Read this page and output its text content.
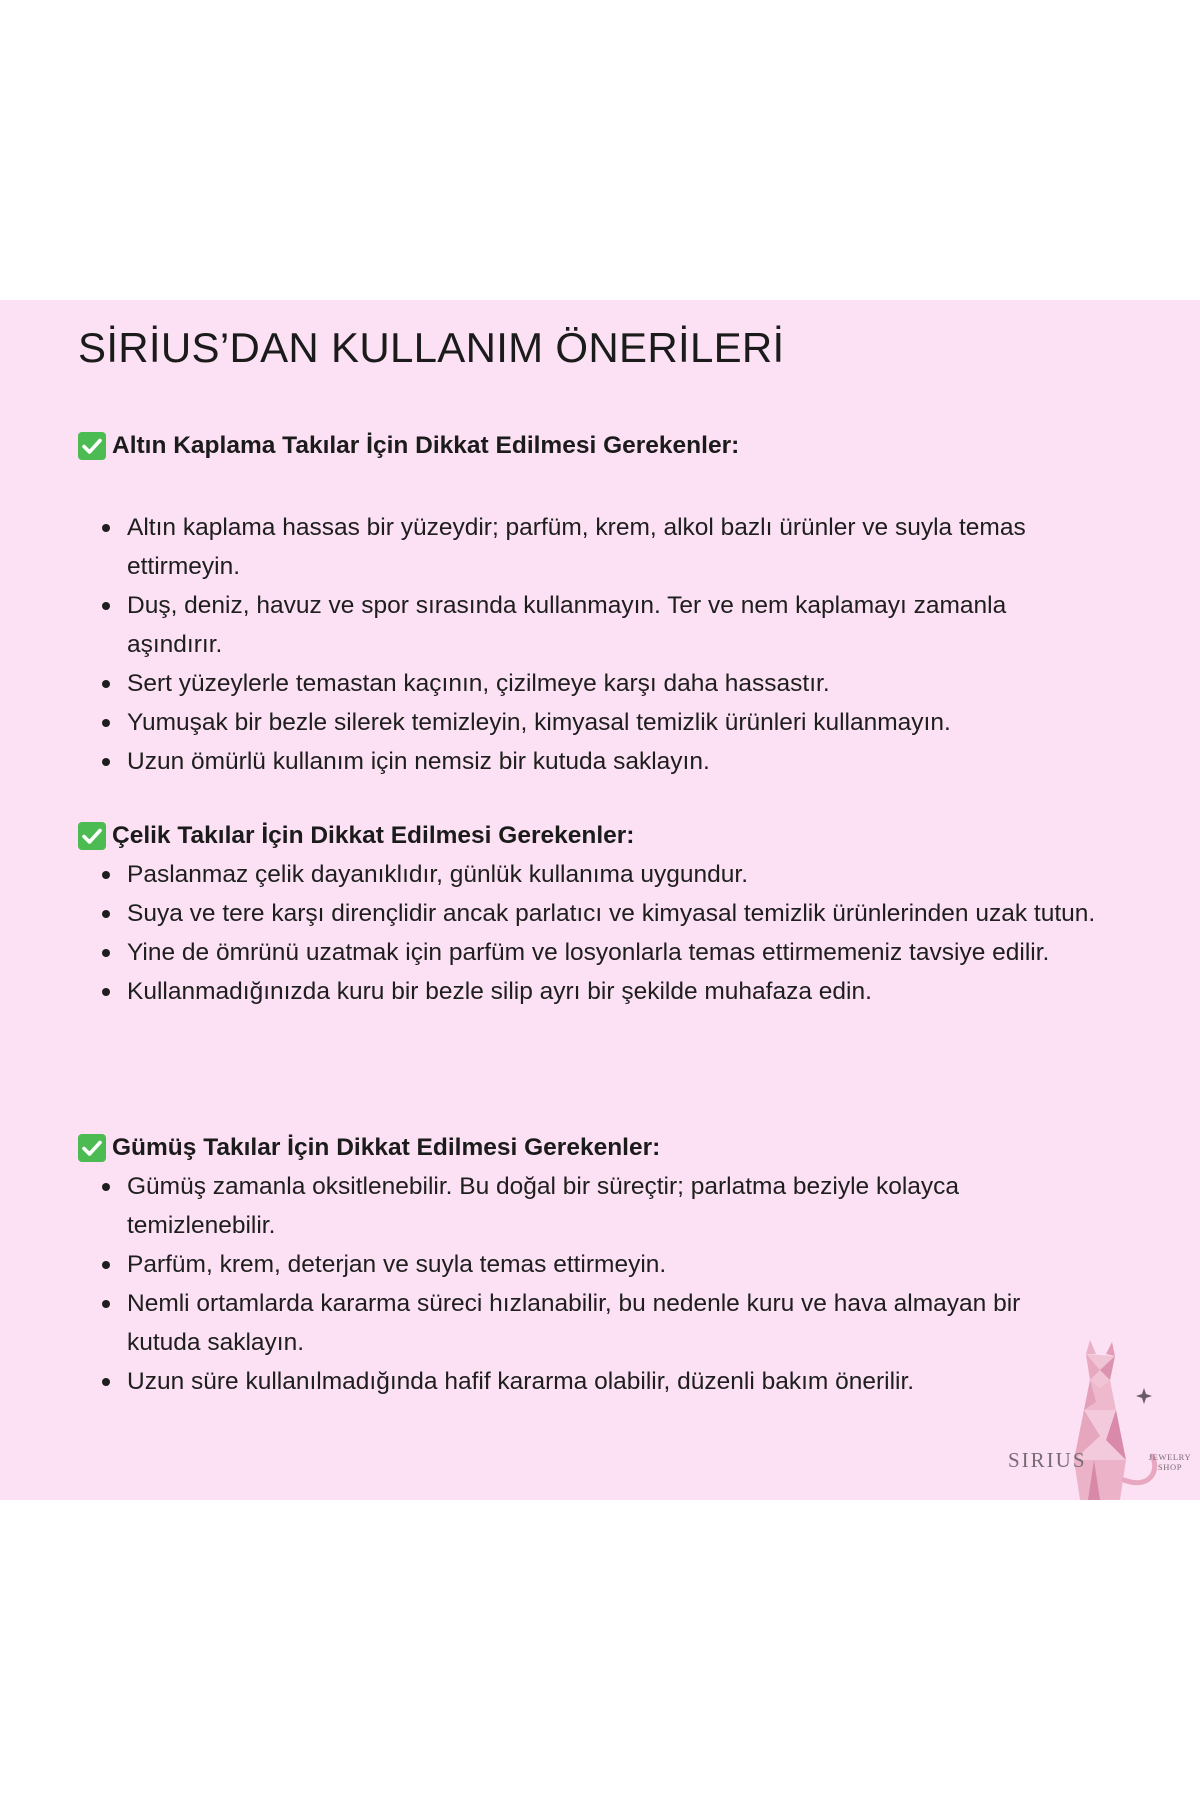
SİRİUS’DAN KULLANIM ÖNERİLERİ
Altın Kaplama Takılar İçin Dikkat Edilmesi Gerekenler:
Altın kaplama hassas bir yüzeydir; parfüm, krem, alkol bazlı ürünler ve suyla temas ettirmeyin.
Duş, deniz, havuz ve spor sırasında kullanmayın. Ter ve nem kaplamayı zamanla aşındırır.
Sert yüzeylerle temastan kaçının, çizilmeye karşı daha hassastır.
Yumuşak bir bezle silerek temizleyin, kimyasal temizlik ürünleri kullanmayın.
Uzun ömürlü kullanım için nemsiz bir kutuda saklayın.
Çelik Takılar İçin Dikkat Edilmesi Gerekenler:
Paslanmaz çelik dayanıklıdır, günlük kullanıma uygundur.
Suya ve tere karşı dirençlidir ancak parlatıcı ve kimyasal temizlik ürünlerinden uzak tutun.
Yine de ömrünü uzatmak için parfüm ve losyonlarla temas ettirmemeniz tavsiye edilir.
Kullanmadığınızda kuru bir bezle silip ayrı bir şekilde muhafaza edin.
Gümüş Takılar İçin Dikkat Edilmesi Gerekenler:
Gümüş zamanla oksitlenebilir. Bu doğal bir süreçtir; parlatma beziyle kolayca temizlenebilir.
Parfüm, krem, deterjan ve suyla temas ettirmeyin.
Nemli ortamlarda kararma süreci hızlanabilir, bu nedenle kuru ve hava almayan bir kutuda saklayın.
Uzun süre kullanılmadığında hafif kararma olabilir, düzenli bakım önerilir.
SIRIUS	JEWELRY SHOP
